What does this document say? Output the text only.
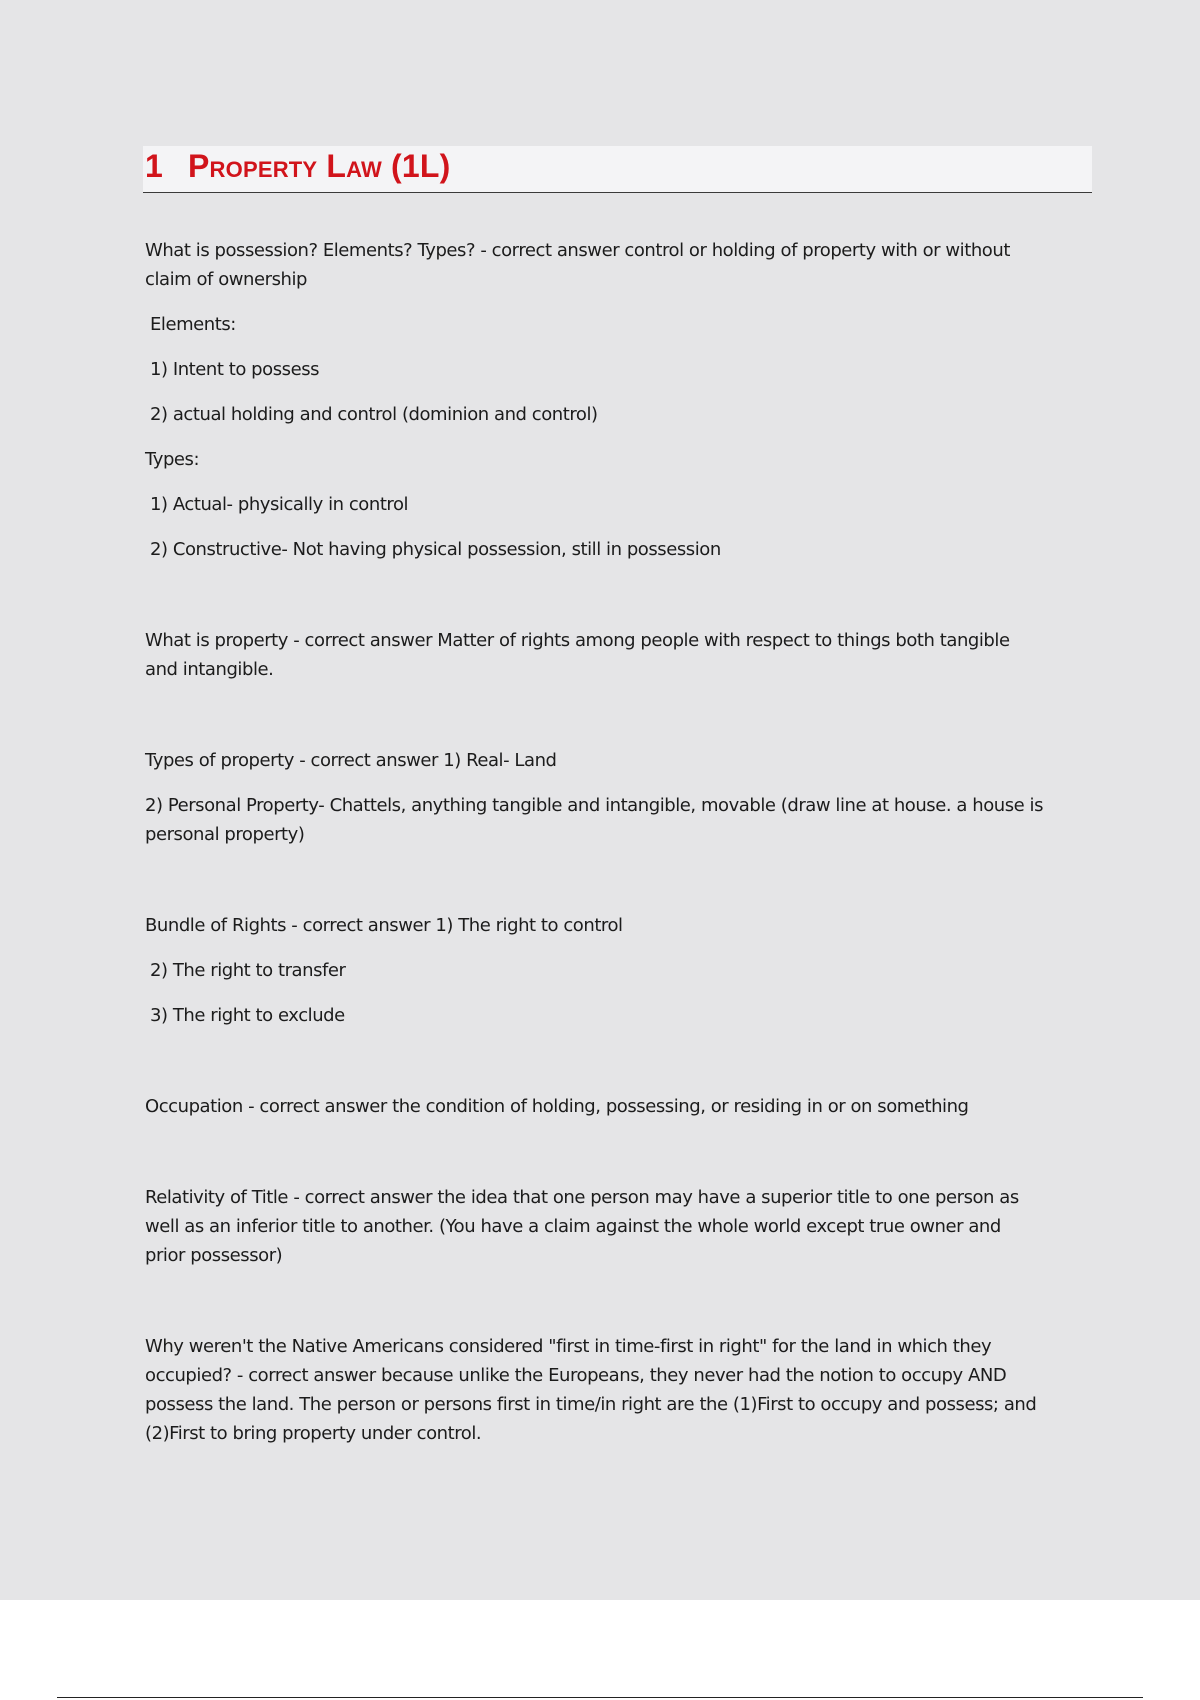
1 Property Law (1L)

What is possession? Elements? Types? - correct answer control or holding of property with or without

claim of ownership

Elements:

1) Intent to possess

2) actual holding and control (dominion and control)

Types:

1) Actual- physically in control

2) Constructive- Not having physical possession, still in possession

What is property - correct answer Matter of rights among people with respect to things both tangible

and intangible.

Types of property - correct answer 1) Real- Land

2) Personal Property- Chattels, anything tangible and intangible, movable (draw line at house. a house is

personal property)

Bundle of Rights - correct answer 1) The right to control

2) The right to transfer

3) The right to exclude

Occupation - correct answer the condition of holding, possessing, or residing in or on something

Relativity of Title - correct answer the idea that one person may have a superior title to one person as

well as an inferior title to another. (You have a claim against the whole world except true owner and

prior possessor)

Why weren't the Native Americans considered "first in time-first in right" for the land in which they

occupied? - correct answer because unlike the Europeans, they never had the notion to occupy AND

possess the land. The person or persons first in time/in right are the (1)First to occupy and possess; and

(2)First to bring property under control.
